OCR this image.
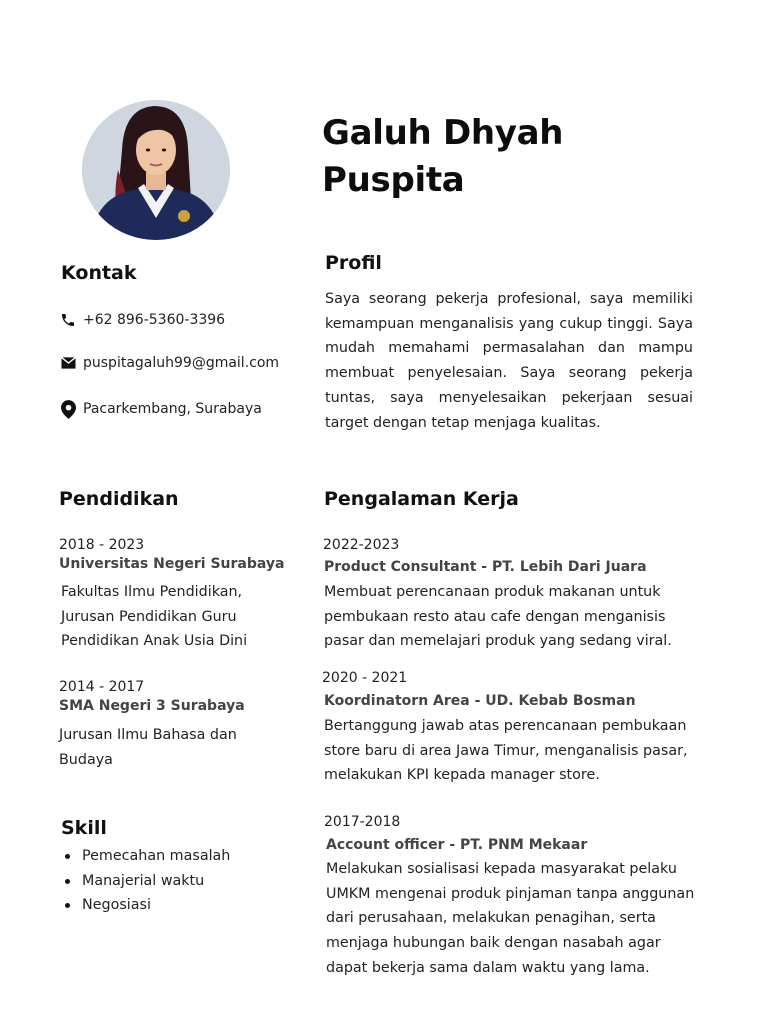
Galuh Dhyah
Puspita
Kontak
+62 896-5360-3396
puspitagaluh99@gmail.com
Pacarkembang, Surabaya
Profil

Saya seorang pekerja profesional, saya memiliki kemampuan menganalisis yang cukup tinggi. Saya mudah memahami permasalahan dan mampu membuat penyelesaian. Saya seorang pekerja tuntas, saya menyelesaikan pekerjaan sesuai target dengan tetap menjaga kualitas.

Pendidikan
2018 - 2023
Universitas Negeri Surabaya
Fakultas Ilmu Pendidikan,
Jurusan Pendidikan Guru
Pendidikan Anak Usia Dini
2014 - 2017
SMA Negeri 3 Surabaya
Jurusan Ilmu Bahasa dan
Budaya
Skill
Pemecahan masalah
Manajerial waktu
Negosiasi
Pengalaman Kerja
2022-2023
Product Consultant - PT. Lebih Dari Juara
Membuat perencanaan produk makanan untuk
pembukaan resto atau cafe dengan menganisis
pasar dan memelajari produk yang sedang viral.
2020 - 2021
Koordinatorn Area - UD. Kebab Bosman
Bertanggung jawab atas perencanaan pembukaan
store baru di area Jawa Timur, menganalisis pasar,
melakukan KPI kepada manager store.
2017-2018
Account officer - PT. PNM Mekaar
Melakukan sosialisasi kepada masyarakat pelaku
UMKM mengenai produk pinjaman tanpa anggunan
dari perusahaan, melakukan penagihan, serta
menjaga hubungan baik dengan nasabah agar
dapat bekerja sama dalam waktu yang lama.
